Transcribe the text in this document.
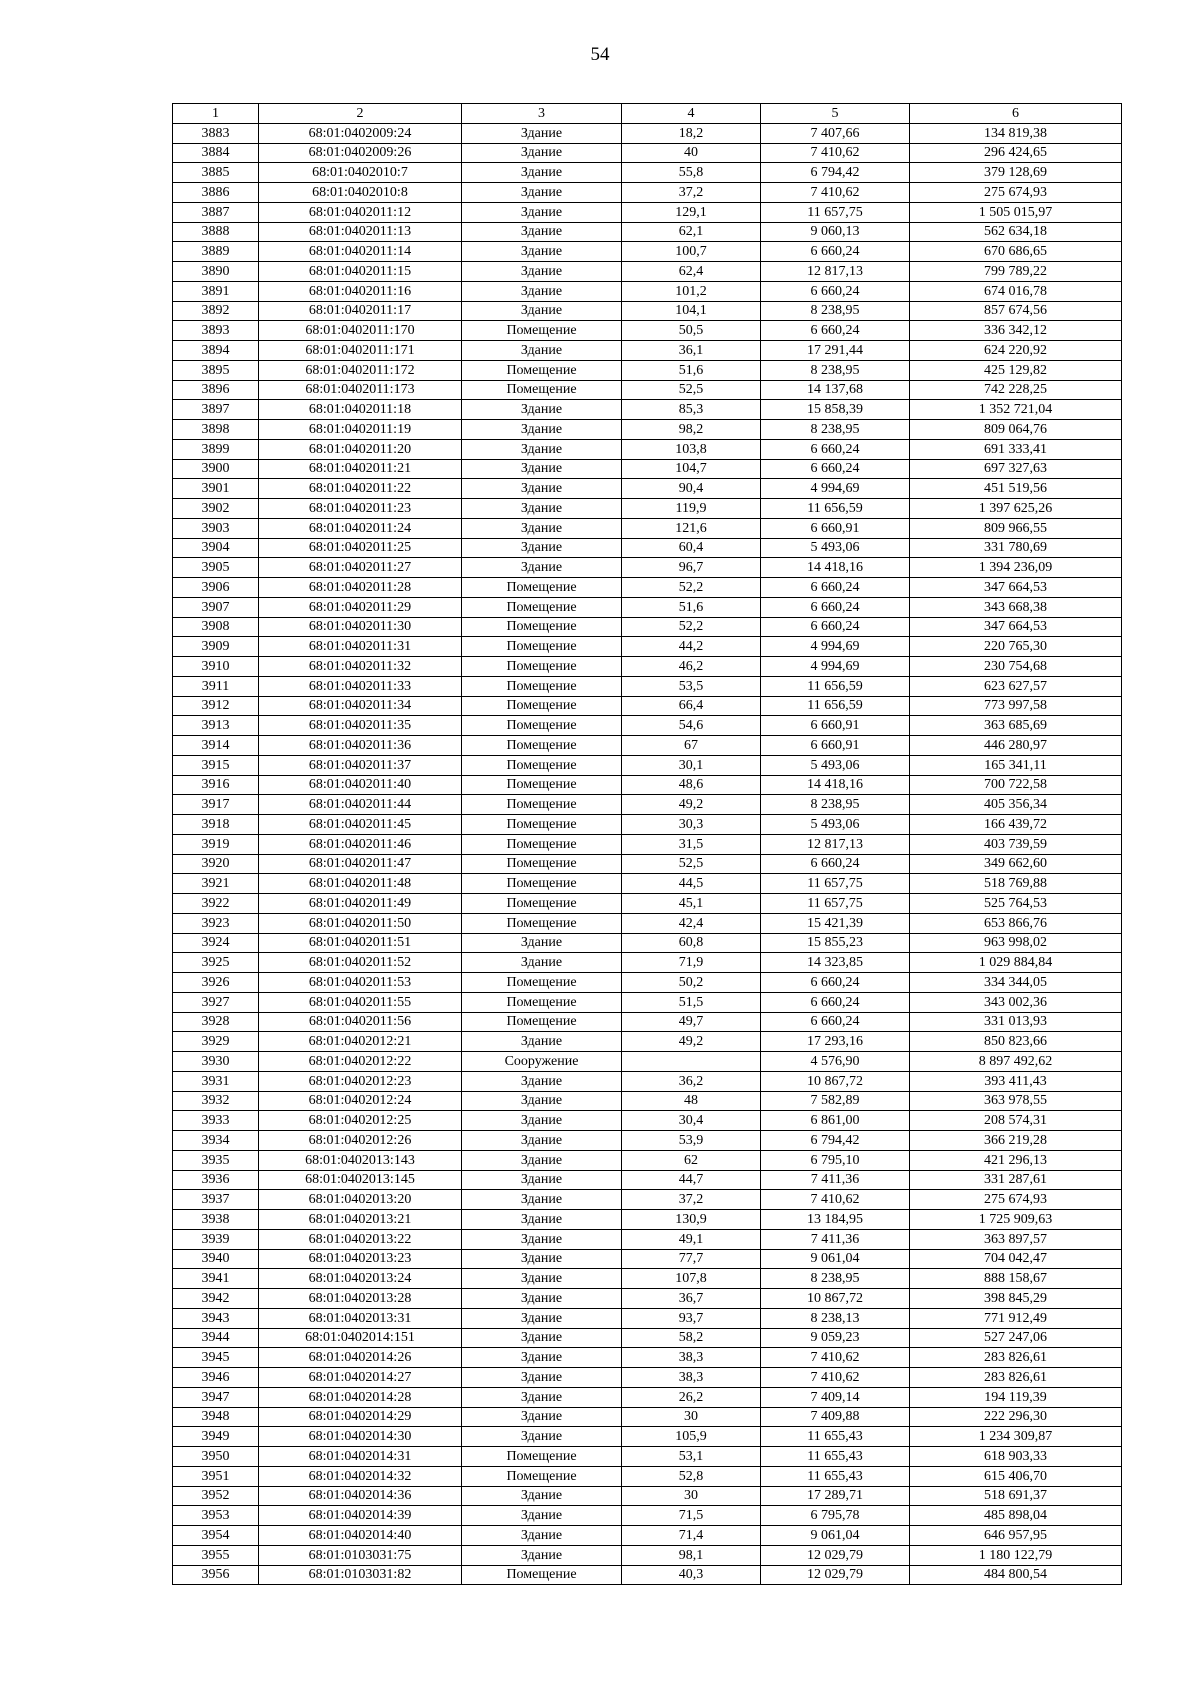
54
1	2	3	4	5	6
3883	68:01:0402009:24	Здание	18,2	7 407,66	134 819,38
3884	68:01:0402009:26	Здание	40	7 410,62	296 424,65
3885	68:01:0402010:7	Здание	55,8	6 794,42	379 128,69
3886	68:01:0402010:8	Здание	37,2	7 410,62	275 674,93
3887	68:01:0402011:12	Здание	129,1	11 657,75	1 505 015,97
3888	68:01:0402011:13	Здание	62,1	9 060,13	562 634,18
3889	68:01:0402011:14	Здание	100,7	6 660,24	670 686,65
3890	68:01:0402011:15	Здание	62,4	12 817,13	799 789,22
3891	68:01:0402011:16	Здание	101,2	6 660,24	674 016,78
3892	68:01:0402011:17	Здание	104,1	8 238,95	857 674,56
3893	68:01:0402011:170	Помещение	50,5	6 660,24	336 342,12
3894	68:01:0402011:171	Здание	36,1	17 291,44	624 220,92
3895	68:01:0402011:172	Помещение	51,6	8 238,95	425 129,82
3896	68:01:0402011:173	Помещение	52,5	14 137,68	742 228,25
3897	68:01:0402011:18	Здание	85,3	15 858,39	1 352 721,04
3898	68:01:0402011:19	Здание	98,2	8 238,95	809 064,76
3899	68:01:0402011:20	Здание	103,8	6 660,24	691 333,41
3900	68:01:0402011:21	Здание	104,7	6 660,24	697 327,63
3901	68:01:0402011:22	Здание	90,4	4 994,69	451 519,56
3902	68:01:0402011:23	Здание	119,9	11 656,59	1 397 625,26
3903	68:01:0402011:24	Здание	121,6	6 660,91	809 966,55
3904	68:01:0402011:25	Здание	60,4	5 493,06	331 780,69
3905	68:01:0402011:27	Здание	96,7	14 418,16	1 394 236,09
3906	68:01:0402011:28	Помещение	52,2	6 660,24	347 664,53
3907	68:01:0402011:29	Помещение	51,6	6 660,24	343 668,38
3908	68:01:0402011:30	Помещение	52,2	6 660,24	347 664,53
3909	68:01:0402011:31	Помещение	44,2	4 994,69	220 765,30
3910	68:01:0402011:32	Помещение	46,2	4 994,69	230 754,68
3911	68:01:0402011:33	Помещение	53,5	11 656,59	623 627,57
3912	68:01:0402011:34	Помещение	66,4	11 656,59	773 997,58
3913	68:01:0402011:35	Помещение	54,6	6 660,91	363 685,69
3914	68:01:0402011:36	Помещение	67	6 660,91	446 280,97
3915	68:01:0402011:37	Помещение	30,1	5 493,06	165 341,11
3916	68:01:0402011:40	Помещение	48,6	14 418,16	700 722,58
3917	68:01:0402011:44	Помещение	49,2	8 238,95	405 356,34
3918	68:01:0402011:45	Помещение	30,3	5 493,06	166 439,72
3919	68:01:0402011:46	Помещение	31,5	12 817,13	403 739,59
3920	68:01:0402011:47	Помещение	52,5	6 660,24	349 662,60
3921	68:01:0402011:48	Помещение	44,5	11 657,75	518 769,88
3922	68:01:0402011:49	Помещение	45,1	11 657,75	525 764,53
3923	68:01:0402011:50	Помещение	42,4	15 421,39	653 866,76
3924	68:01:0402011:51	Здание	60,8	15 855,23	963 998,02
3925	68:01:0402011:52	Здание	71,9	14 323,85	1 029 884,84
3926	68:01:0402011:53	Помещение	50,2	6 660,24	334 344,05
3927	68:01:0402011:55	Помещение	51,5	6 660,24	343 002,36
3928	68:01:0402011:56	Помещение	49,7	6 660,24	331 013,93
3929	68:01:0402012:21	Здание	49,2	17 293,16	850 823,66
3930	68:01:0402012:22	Сооружение		4 576,90	8 897 492,62
3931	68:01:0402012:23	Здание	36,2	10 867,72	393 411,43
3932	68:01:0402012:24	Здание	48	7 582,89	363 978,55
3933	68:01:0402012:25	Здание	30,4	6 861,00	208 574,31
3934	68:01:0402012:26	Здание	53,9	6 794,42	366 219,28
3935	68:01:0402013:143	Здание	62	6 795,10	421 296,13
3936	68:01:0402013:145	Здание	44,7	7 411,36	331 287,61
3937	68:01:0402013:20	Здание	37,2	7 410,62	275 674,93
3938	68:01:0402013:21	Здание	130,9	13 184,95	1 725 909,63
3939	68:01:0402013:22	Здание	49,1	7 411,36	363 897,57
3940	68:01:0402013:23	Здание	77,7	9 061,04	704 042,47
3941	68:01:0402013:24	Здание	107,8	8 238,95	888 158,67
3942	68:01:0402013:28	Здание	36,7	10 867,72	398 845,29
3943	68:01:0402013:31	Здание	93,7	8 238,13	771 912,49
3944	68:01:0402014:151	Здание	58,2	9 059,23	527 247,06
3945	68:01:0402014:26	Здание	38,3	7 410,62	283 826,61
3946	68:01:0402014:27	Здание	38,3	7 410,62	283 826,61
3947	68:01:0402014:28	Здание	26,2	7 409,14	194 119,39
3948	68:01:0402014:29	Здание	30	7 409,88	222 296,30
3949	68:01:0402014:30	Здание	105,9	11 655,43	1 234 309,87
3950	68:01:0402014:31	Помещение	53,1	11 655,43	618 903,33
3951	68:01:0402014:32	Помещение	52,8	11 655,43	615 406,70
3952	68:01:0402014:36	Здание	30	17 289,71	518 691,37
3953	68:01:0402014:39	Здание	71,5	6 795,78	485 898,04
3954	68:01:0402014:40	Здание	71,4	9 061,04	646 957,95
3955	68:01:0103031:75	Здание	98,1	12 029,79	1 180 122,79
3956	68:01:0103031:82	Помещение	40,3	12 029,79	484 800,54
